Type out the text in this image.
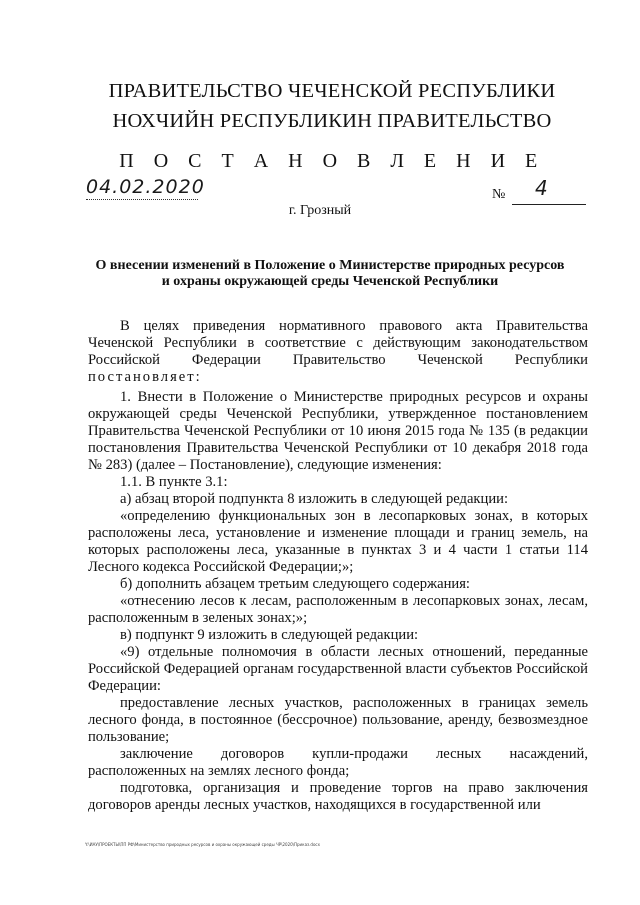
ПРАВИТЕЛЬСТВО ЧЕЧЕНСКОЙ РЕСПУБЛИКИ
НОХЧИЙН РЕСПУБЛИКИН ПРАВИТЕЛЬСТВО
П О С Т А Н О В Л Е Н И Е
04.02.2020	№ 4
г. Грозный
О внесении изменений в Положение о Министерстве природных ресурсов и охраны окружающей среды Чеченской Республики

В целях приведения нормативного правового акта Правительства Чеченской Республики в соответствие с действующим законодательством Российской Федерации Правительство Чеченской Республики постановляет:

1. Внести в Положение о Министерстве природных ресурсов и охраны окружающей среды Чеченской Республики, утвержденное постановлением Правительства Чеченской Республики от 10 июня 2015 года № 135 (в редакции постановления Правительства Чеченской Республики от 10 декабря 2018 года № 283) (далее – Постановление), следующие изменения:

1.1. В пункте 3.1:

а) абзац второй подпункта 8 изложить в следующей редакции:

«определению функциональных зон в лесопарковых зонах, в которых расположены леса, установление и изменение площади и границ земель, на которых расположены леса, указанные в пунктах 3 и 4 части 1 статьи 114 Лесного кодекса Российской Федерации;»;

б) дополнить абзацем третьим следующего содержания:

«отнесению лесов к лесам, расположенным в лесопарковых зонах, лесам, расположенным в зеленых зонах;»;

в) подпункт 9 изложить в следующей редакции:

«9) отдельные полномочия в области лесных отношений, переданные Российской Федерацией органам государственной власти субъектов Российской Федерации:

предоставление лесных участков, расположенных в границах земель лесного фонда, в постоянное (бессрочное) пользование, аренду, безвозмездное пользование;

заключение договоров купли-продажи лесных насаждений, расположенных на землях лесного фонда;

подготовка, организация и проведение торгов на право заключения договоров аренды лесных участков, находящихся в государственной или

Y:\ИАУ\ПРОЕКТЫ\ПП РФ\Министерство природных ресурсов и охраны окружающей среды ЧР\2020\Приказ.docx
